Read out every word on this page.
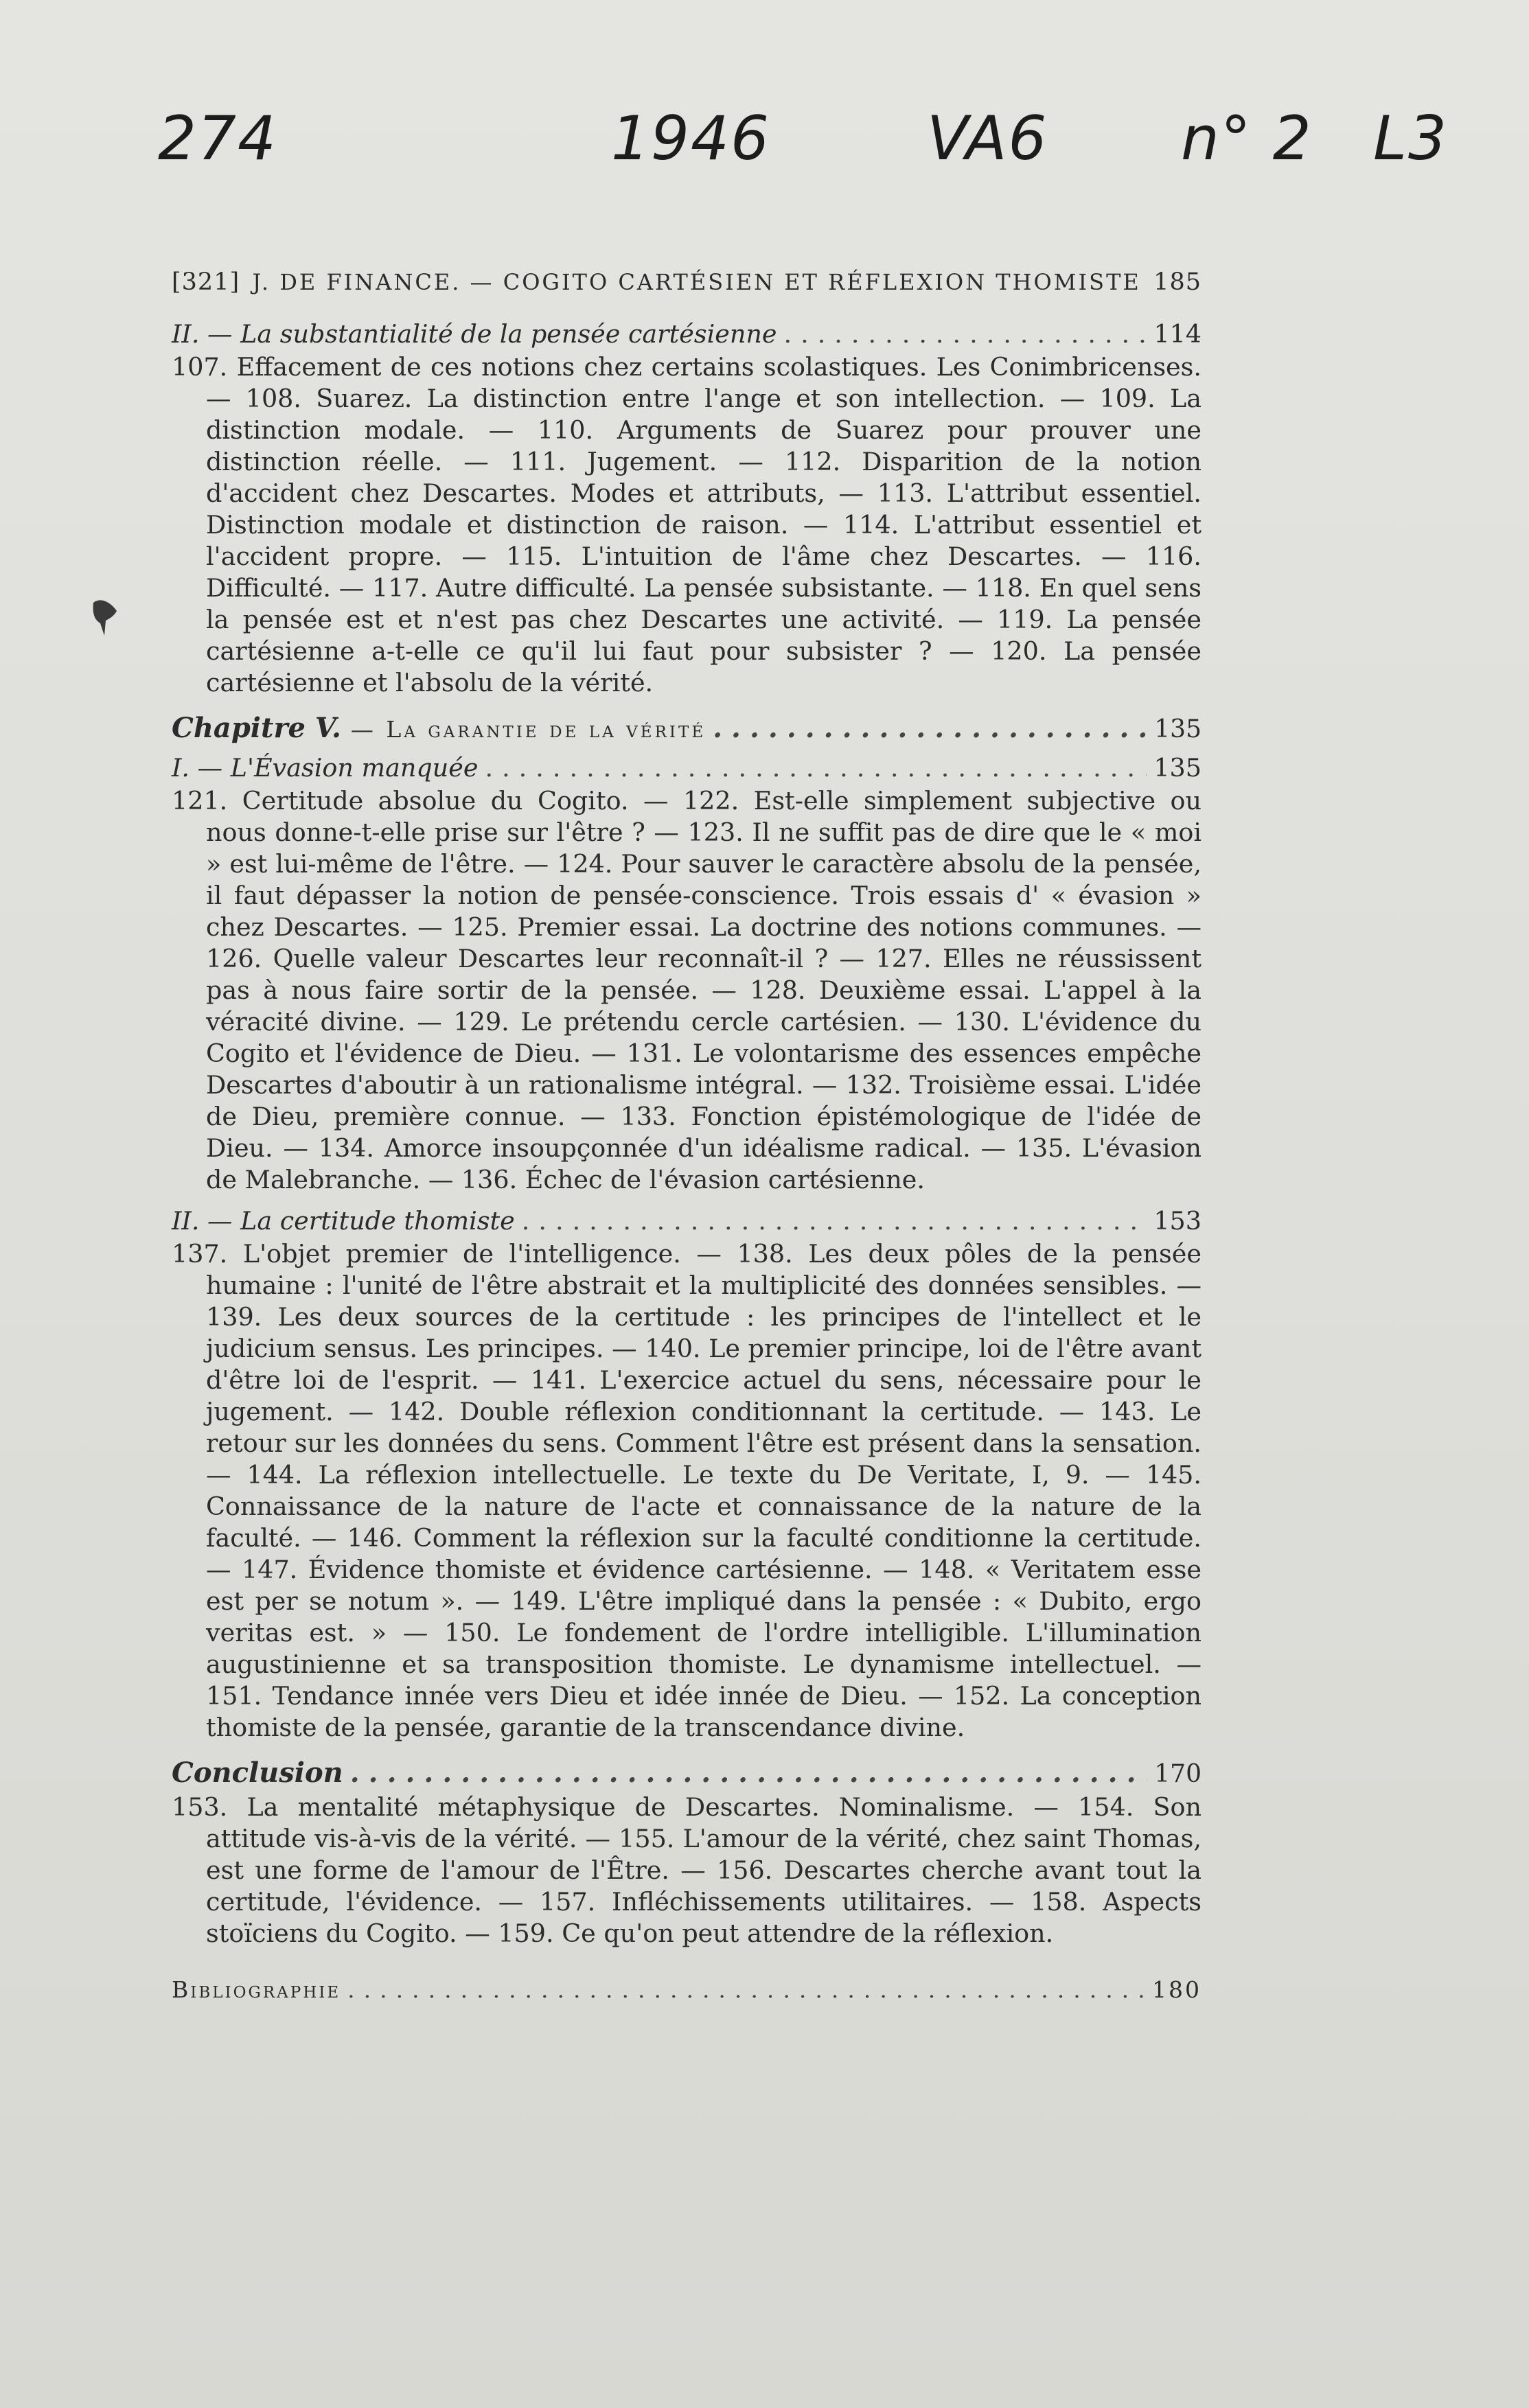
274	1946	VA6 n° 2 L3
[321] J. DE FINANCE. — COGITO CARTÉSIEN ET RÉFLEXION THOMISTE 185
II. — La substantialité de la pensée cartésienne .....	114

107. Effacement de ces notions chez certains scolastiques. Les Conimbricenses. — 108. Suarez. La distinction entre l'ange et son intellection. — 109. La distinction modale. — 110. Arguments de Suarez pour prouver une distinction réelle. — 111. Jugement. — 112. Disparition de la notion d'accident chez Descartes. Modes et attributs, — 113. L'attribut essentiel. Distinction modale et distinction de raison. — 114. L'attribut essentiel et l'accident propre. — 115. L'intuition de l'âme chez Descartes. — 116. Difficulté. — 117. Autre difficulté. La pensée subsistante. — 118. En quel sens la pensée est et n'est pas chez Descartes une activité. — 119. La pensée cartésienne a-t-elle ce qu'il lui faut pour subsister ? — 120. La pensée cartésienne et l'absolu de la vérité.

Chapitre V. — La garantie de la vérité .....	135
I. — L'Évasion manquée .....	135

121. Certitude absolue du Cogito. — 122. Est-elle simplement subjective ou nous donne-t-elle prise sur l'être ? — 123. Il ne suffit pas de dire que le « moi » est lui-même de l'être. — 124. Pour sauver le caractère absolu de la pensée, il faut dépasser la notion de pensée-conscience. Trois essais d' « évasion » chez Descartes. — 125. Premier essai. La doctrine des notions communes. — 126. Quelle valeur Descartes leur reconnaît-il ? — 127. Elles ne réussissent pas à nous faire sortir de la pensée. — 128. Deuxième essai. L'appel à la véracité divine. — 129. Le prétendu cercle cartésien. — 130. L'évidence du Cogito et l'évidence de Dieu. — 131. Le volontarisme des essences empêche Descartes d'aboutir à un rationalisme intégral. — 132. Troisième essai. L'idée de Dieu, première connue. — 133. Fonction épistémologique de l'idée de Dieu. — 134. Amorce insoupçonnée d'un idéalisme radical. — 135. L'évasion de Malebranche. — 136. Échec de l'évasion cartésienne.

II. — La certitude thomiste .....	153

137. L'objet premier de l'intelligence. — 138. Les deux pôles de la pensée humaine : l'unité de l'être abstrait et la multiplicité des données sensibles. — 139. Les deux sources de la certitude : les principes de l'intellect et le judicium sensus. Les principes. — 140. Le premier principe, loi de l'être avant d'être loi de l'esprit. — 141. L'exercice actuel du sens, nécessaire pour le jugement. — 142. Double réflexion conditionnant la certitude. — 143. Le retour sur les données du sens. Comment l'être est présent dans la sensation. — 144. La réflexion intellectuelle. Le texte du De Veritate, I, 9. — 145. Connaissance de la nature de l'acte et connaissance de la nature de la faculté. — 146. Comment la réflexion sur la faculté conditionne la certitude. — 147. Évidence thomiste et évidence cartésienne. — 148. « Veritatem esse est per se notum ». — 149. L'être impliqué dans la pensée : « Dubito, ergo veritas est. » — 150. Le fondement de l'ordre intelligible. L'illumination augustinienne et sa transposition thomiste. Le dynamisme intellectuel. — 151. Tendance innée vers Dieu et idée innée de Dieu. — 152. La conception thomiste de la pensée, garantie de la transcendance divine.

Conclusion .....	170

153. La mentalité métaphysique de Descartes. Nominalisme. — 154. Son attitude vis-à-vis de la vérité. — 155. L'amour de la vérité, chez saint Thomas, est une forme de l'amour de l'Être. — 156. Descartes cherche avant tout la certitude, l'évidence. — 157. Infléchissements utilitaires. — 158. Aspects stoïciens du Cogito. — 159. Ce qu'on peut attendre de la réflexion.

Bibliographie .....	180
